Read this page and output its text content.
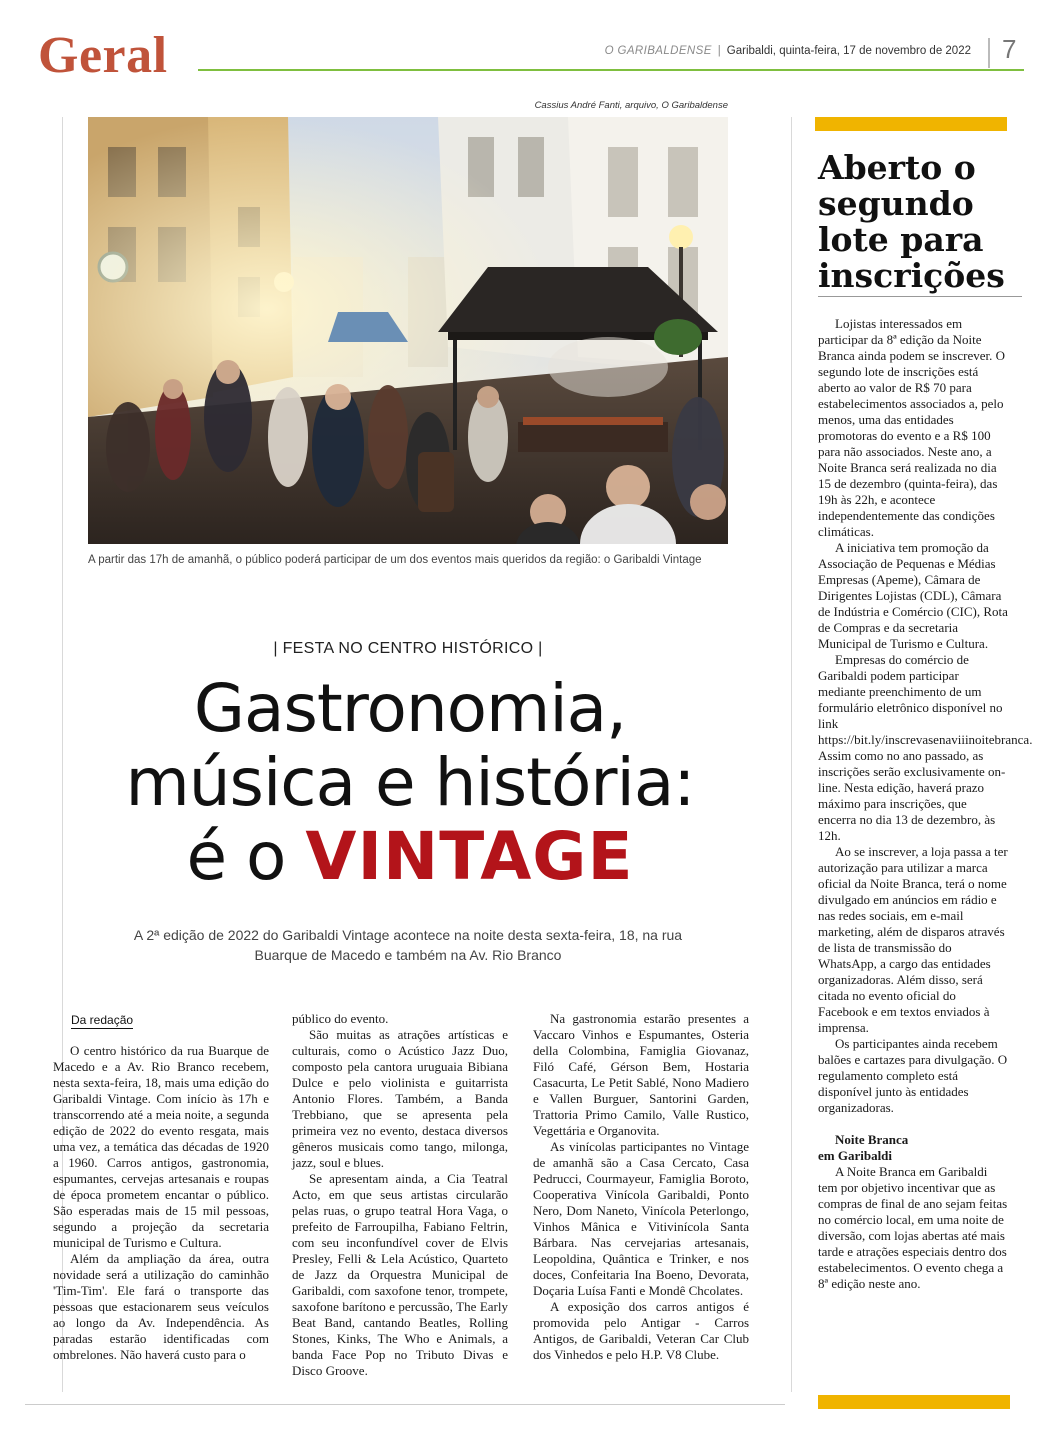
Geral	O GARIBALDENSE | Garibaldi, quinta-feira, 17 de novembro de 2022 7
Cassius André Fanti, arquivo, O Garibaldense
A partir das 17h de amanhã, o público poderá participar de um dos eventos mais queridos da região: o Garibaldi Vintage
| FESTA NO CENTRO HISTÓRICO |
Gastronomia,
música e história:
é o VINTAGE
A 2ª edição de 2022 do Garibaldi Vintage acontece na noite desta sexta-feira, 18, na rua Buarque de Macedo e também na Av. Rio Branco
Da redação

O centro histórico da rua Buarque de Macedo e a Av. Rio Branco recebem, nesta sexta-feira, 18, mais uma edição do Garibaldi Vintage. Com início às 17h e transcorrendo até a meia noite, a segunda edição de 2022 do evento resgata, mais uma vez, a temática das décadas de 1920 a 1960. Carros antigos, gastronomia, espumantes, cervejas artesanais e roupas de época prometem encantar o público. São esperadas mais de 15 mil pessoas, segundo a projeção da secretaria municipal de Turismo e Cultura.

Além da ampliação da área, outra novidade será a utilização do caminhão 'Tim-Tim'. Ele fará o transporte das pessoas que estacionarem seus veículos ao longo da Av. Independência. As paradas estarão identificadas com ombrelones. Não haverá custo para o

público do evento.

São muitas as atrações artísticas e culturais, como o Acústico Jazz Duo, composto pela cantora uruguaia Bibiana Dulce e pelo violinista e guitarrista Antonio Flores. Também, a Banda Trebbiano, que se apresenta pela primeira vez no evento, destaca diversos gêneros musicais como tango, milonga, jazz, soul e blues.

Se apresentam ainda, a Cia Teatral Acto, em que seus artistas circularão pelas ruas, o grupo teatral Hora Vaga, o prefeito de Farroupilha, Fabiano Feltrin, com seu inconfundível cover de Elvis Presley, Felli & Lela Acústico, Quarteto de Jazz da Orquestra Municipal de Garibaldi, com saxofone tenor, trompete, saxofone barítono e percussão, The Early Beat Band, cantando Beatles, Rolling Stones, Kinks, The Who e Animals, a banda Face Pop no Tributo Divas e Disco Groove.

Na gastronomia estarão presentes a Vaccaro Vinhos e Espumantes, Osteria della Colombina, Famiglia Giovanaz, Filó Café, Gérson Bem, Hostaria Casacurta, Le Petit Sablé, Nono Madiero e Vallen Burguer, Santorini Garden, Trattoria Primo Camilo, Valle Rustico, Vegettária e Organovita.

As vinícolas participantes no Vintage de amanhã são a Casa Cercato, Casa Pedrucci, Courmayeur, Famiglia Boroto, Cooperativa Vinícola Garibaldi, Ponto Nero, Dom Naneto, Vinícola Peterlongo, Vinhos Mânica e Vitivinícola Santa Bárbara. Nas cervejarias artesanais, Leopoldina, Quântica e Trinker, e nos doces, Confeitaria Ina Boeno, Devorata, Doçaria Luísa Fanti e Mondê Chcolates.

A exposição dos carros antigos é promovida pelo Antigar - Carros Antigos, de Garibaldi, Veteran Car Club dos Vinhedos e pelo H.P. V8 Clube.

Aberto o segundo lote para inscrições

Lojistas interessados em participar da 8ª edição da Noite Branca ainda podem se inscrever. O segundo lote de inscrições está aberto ao valor de R$ 70 para estabelecimentos associados a, pelo menos, uma das entidades promotoras do evento e a R$ 100 para não associados. Neste ano, a Noite Branca será realizada no dia 15 de dezembro (quinta-feira), das 19h às 22h, e acontece independentemente das condições climáticas.

A iniciativa tem promoção da Associação de Pequenas e Médias Empresas (Apeme), Câmara de Dirigentes Lojistas (CDL), Câmara de Indústria e Comércio (CIC), Rota de Compras e da secretaria Municipal de Turismo e Cultura.

Empresas do comércio de Garibaldi podem participar mediante preenchimento de um formulário eletrônico disponível no link https://bit.ly/inscrevasenaviiinoitebranca. Assim como no ano passado, as inscrições serão exclusivamente on-line. Nesta edição, haverá prazo máximo para inscrições, que encerra no dia 13 de dezembro, às 12h.

Ao se inscrever, a loja passa a ter autorização para utilizar a marca oficial da Noite Branca, terá o nome divulgado em anúncios em rádio e nas redes sociais, em e-mail marketing, além de disparos através de lista de transmissão do WhatsApp, a cargo das entidades organizadoras. Além disso, será citada no evento oficial do Facebook e em textos enviados à imprensa.

Os participantes ainda recebem balões e cartazes para divulgação. O regulamento completo está disponível junto às entidades organizadoras.

Noite Branca
em Garibaldi

A Noite Branca em Garibaldi tem por objetivo incentivar que as compras de final de ano sejam feitas no comércio local, em uma noite de diversão, com lojas abertas até mais tarde e atrações especiais dentro dos estabelecimentos. O evento chega a 8ª edição neste ano.
